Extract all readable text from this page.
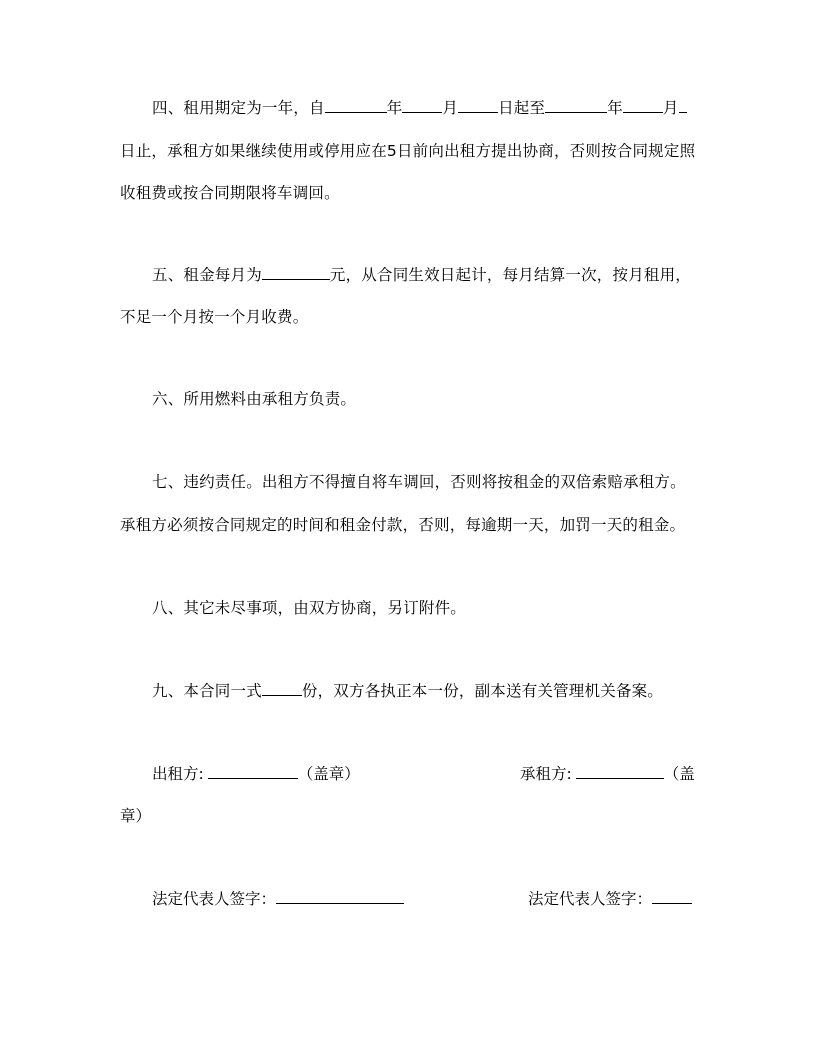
四、租用期定为一年，自	年	月	日起至	年	月
日止，承租方如果继续使用或停用应在5日前向出租方提出协商，否则按合同规定照
收租费或按合同期限将车调回。
五、租金每月为	元，从合同生效日起计，每月结算一次，按月租用，
不足一个月按一个月收费。
六、所用燃料由承租方负责。
七、违约责任。出租方不得擅自将车调回，否则将按租金的双倍索赔承租方。
承租方必须按合同规定的时间和租金付款，否则，每逾期一天，加罚一天的租金。
八、其它未尽事项，由双方协商，另订附件。
九、本合同一式	份，双方各执正本一份，副本送有关管理机关备案。
出租方:	（盖章）	承租方:	（盖
章）
法定代表人签字：	法定代表人签字：
